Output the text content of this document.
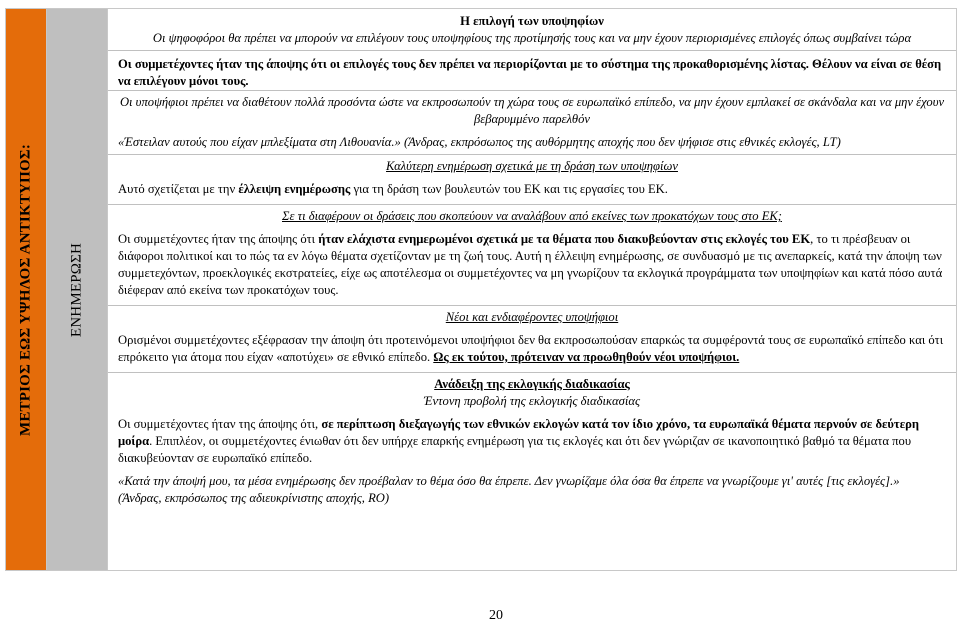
ΜΕΤΡΙΟΣ ΕΩΣ ΥΨΗΛΟΣ ΑΝΤΙΚΤΥΠΟΣ:	ΕΝΗΜΕΡΩΣΗ

Η επιλογή των υποψηφίων

Οι ψηφοφόροι θα πρέπει να μπορούν να επιλέγουν τους υποψηφίους της προτίμησής τους και να μην έχουν περιορισμένες επιλογές όπως συμβαίνει τώρα

Οι συμμετέχοντες ήταν της άποψης ότι οι επιλογές τους δεν πρέπει να περιορίζονται με το σύστημα της προκαθορισμένης λίστας. Θέλουν να είναι σε θέση να επιλέγουν μόνοι τους.

Οι υποψήφιοι πρέπει να διαθέτουν πολλά προσόντα ώστε να εκπροσωπούν τη χώρα τους σε ευρωπαϊκό επίπεδο, να μην έχουν εμπλακεί σε σκάνδαλα και να μην έχουν βεβαρυμμένο παρελθόν

«Έστειλαν αυτούς που είχαν μπλεξίματα στη Λιθουανία.» (Άνδρας, εκπρόσωπος της αυθόρμητης αποχής που δεν ψήφισε στις εθνικές εκλογές, LT)

Καλύτερη ενημέρωση σχετικά με τη δράση των υποψηφίων

Αυτό σχετίζεται με την έλλειψη ενημέρωσης για τη δράση των βουλευτών του ΕΚ και τις εργασίες του ΕΚ.

Σε τι διαφέρουν οι δράσεις που σκοπεύουν να αναλάβουν από εκείνες των προκατόχων τους στο ΕΚ;

Οι συμμετέχοντες ήταν της άποψης ότι ήταν ελάχιστα ενημερωμένοι σχετικά με τα θέματα που διακυβεύονταν στις εκλογές του ΕΚ, το τι πρέσβευαν οι διάφοροι πολιτικοί και το πώς τα εν λόγω θέματα σχετίζονταν με τη ζωή τους. Αυτή η έλλειψη ενημέρωσης, σε συνδυασμό με τις ανεπαρκείς, κατά την άποψη των συμμετεχόντων, προεκλογικές εκστρατείες, είχε ως αποτέλεσμα οι συμμετέχοντες να μη γνωρίζουν τα εκλογικά προγράμματα των υποψηφίων και κατά πόσο αυτά διέφεραν από εκείνα των προκατόχων τους.

Νέοι και ενδιαφέροντες υποψήφιοι

Ορισμένοι συμμετέχοντες εξέφρασαν την άποψη ότι προτεινόμενοι υποψήφιοι δεν θα εκπροσωπούσαν επαρκώς τα συμφέροντά τους σε ευρωπαϊκό επίπεδο και ότι επρόκειτο για άτομα που είχαν «αποτύχει» σε εθνικό επίπεδο. Ως εκ τούτου, πρότειναν να προωθηθούν νέοι υποψήφιοι.

Ανάδειξη της εκλογικής διαδικασίας

Έντονη προβολή της εκλογικής διαδικασίας

Οι συμμετέχοντες ήταν της άποψης ότι, σε περίπτωση διεξαγωγής των εθνικών εκλογών κατά τον ίδιο χρόνο, τα ευρωπαϊκά θέματα περνούν σε δεύτερη μοίρα. Επιπλέον, οι συμμετέχοντες ένιωθαν ότι δεν υπήρχε επαρκής ενημέρωση για τις εκλογές και ότι δεν γνώριζαν σε ικανοποιητικό βαθμό τα θέματα που διακυβεύονταν σε ευρωπαϊκό επίπεδο.

«Κατά την άποψή μου, τα μέσα ενημέρωσης δεν προέβαλαν το θέμα όσο θα έπρεπε. Δεν γνωρίζαμε όλα όσα θα έπρεπε να γνωρίζουμε γι' αυτές [τις εκλογές].» (Άνδρας, εκπρόσωπος της αδιευκρίνιστης αποχής, RO)

20
